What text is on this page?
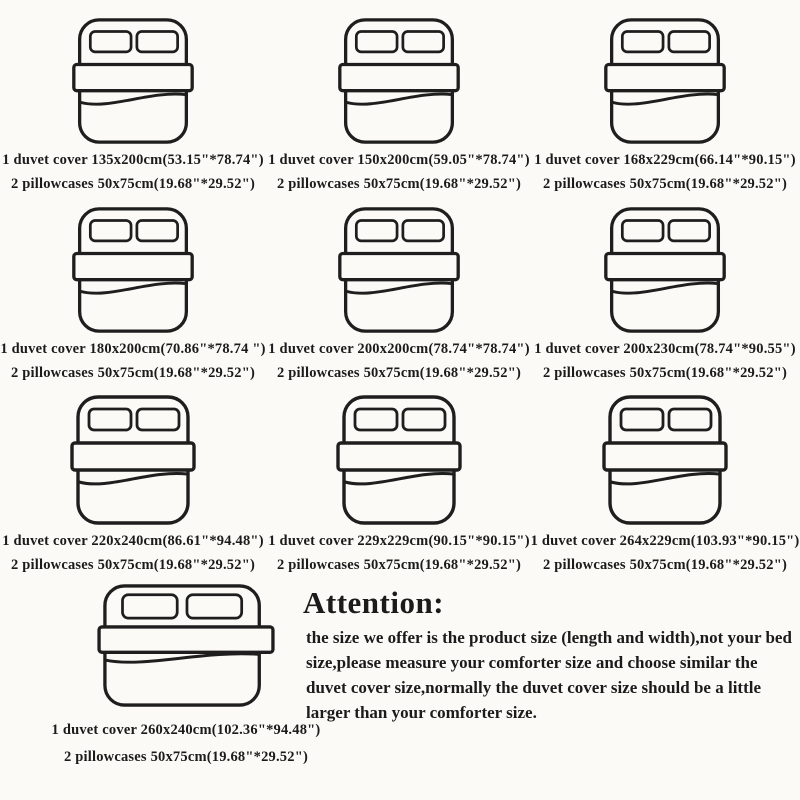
1 duvet cover 135x200cm(53.15"*78.74")
2 pillowcases 50x75cm(19.68"*29.52")
1 duvet cover 150x200cm(59.05"*78.74")
2 pillowcases 50x75cm(19.68"*29.52")
1 duvet cover 168x229cm(66.14"*90.15")
2 pillowcases 50x75cm(19.68"*29.52")
1 duvet cover 180x200cm(70.86"*78.74 ")
2 pillowcases 50x75cm(19.68"*29.52")
1 duvet cover 200x200cm(78.74"*78.74")
2 pillowcases 50x75cm(19.68"*29.52")
1 duvet cover 200x230cm(78.74"*90.55")
2 pillowcases 50x75cm(19.68"*29.52")
1 duvet cover 220x240cm(86.61"*94.48")
2 pillowcases 50x75cm(19.68"*29.52")
1 duvet cover 229x229cm(90.15"*90.15")
2 pillowcases 50x75cm(19.68"*29.52")
1 duvet cover 264x229cm(103.93"*90.15")
2 pillowcases 50x75cm(19.68"*29.52")
1 duvet cover 260x240cm(102.36"*94.48")
2 pillowcases 50x75cm(19.68"*29.52")
Attention:
the size we offer is the product size (length and width),not your bed
size,please measure your comforter size and choose similar the
duvet cover size,normally the duvet cover size should be a little
larger than your comforter size.
